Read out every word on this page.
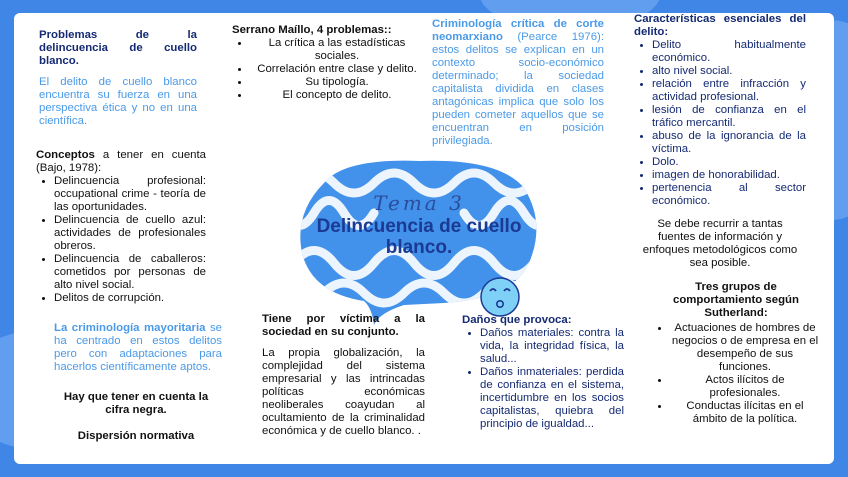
Problemas de la delincuencia de cuello blanco.
El delito de cuello blanco encuentra su fuerza en una perspectiva ética y no en una científica.
Serrano Maíllo, 4 problemas::
• La crítica a las estadísticas sociales.
• Correlación entre clase y delito.
• Su tipología.
• El concepto de delito.
Criminología crítica de corte neomarxiano (Pearce 1976): estos delitos se explican en un contexto socio-económico determinado; la sociedad capitalista dividida en clases antagónicas implica que solo los pueden cometer aquellos que se encuentran en posición privilegiada.
Características esenciales del delito:
• Delito habitualmente económico.
• alto nivel social.
• relación entre infracción y actividad profesional.
• lesión de confianza en el tráfico mercantil.
• abuso de la ignorancia de la víctima.
• Dolo.
• imagen de honorabilidad.
• pertenencia al sector económico.
Se debe recurrir a tantas fuentes de información y enfoques metodológicos como sea posible.
Conceptos a tener en cuenta (Bajo, 1978):
• Delincuencia profesional: occupational crime - teoría de las oportunidades.
• Delincuencia de cuello azul: actividades de profesionales obreros.
• Delincuencia de caballeros: cometidos por personas de alto nivel social.
• Delitos de corrupción.
Tema 3
Delincuencia de cuello blanco.
La criminología mayoritaria se ha centrado en estos delitos pero con adaptaciones para hacerlos científicamente aptos.
Hay que tener en cuenta la cifra negra.
Dispersión normativa
Tiene por víctima a la sociedad en su conjunto.
La propia globalización, la complejidad del sistema empresarial y las intrincadas políticas económicas neoliberales coayudan al ocultamiento de la criminalidad económica y de cuello blanco. .
Daños que provoca:
• Daños materiales: contra la vida, la integridad física, la salud...
• Daños inmateriales: perdida de confianza en el sistema, incertidumbre en los socios capitalistas, quiebra del principio de igualdad...
Tres grupos de comportamiento según Sutherland:
• Actuaciones de hombres de negocios o de empresa en el desempeño de sus funciones.
• Actos ilícitos de profesionales.
• Conductas ilícitas en el ámbito de la política.
